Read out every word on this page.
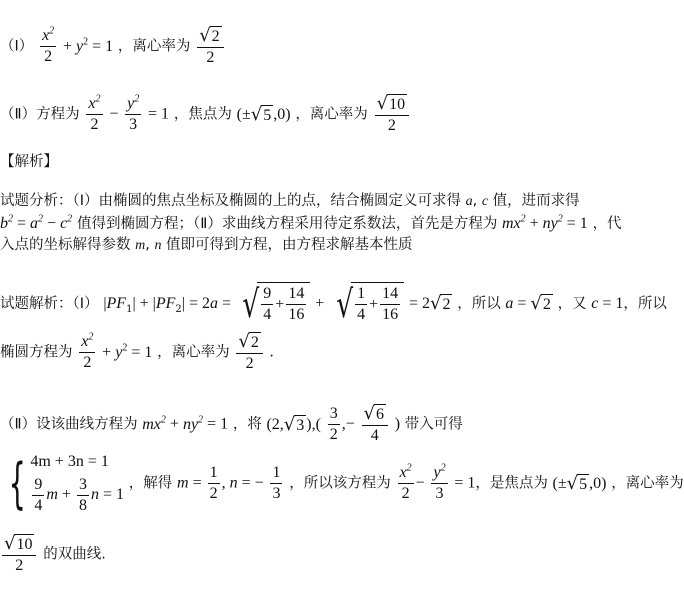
（Ⅰ） $\frac{x^2}{2} + y^2 = 1$ ，离心率为 $\frac{√ 2}{2}$
（Ⅱ）方程为 $\frac{x^2}{2} - \frac{y^2}{3} = 1$ ，焦点为 (± √ 5 ,0) ，离心率为 $\frac{√ 10}{2}$
【解析】
试题分析：（Ⅰ）由椭圆的焦点坐标及椭圆的上的点，结合椭圆定义可求得 a, c 值，进而求得
$b^2 = a^2 - c^2$ 值得到椭圆方程；（Ⅱ）求曲线方程采用待定系数法，首先是方程为 $mx^2 + ny^2 = 1$ ，代
入点的坐标解得参数 m, n 值即可得到方程，由方程求解基本性质
试题解析：（Ⅰ） $|PF_1| + |PF_2| = 2a$ = √ $\frac{9}{4} + \frac{14}{16}$ + √ $\frac{1}{4} + \frac{14}{16} = 2$ √ 2 ，所以 a = √ 2 ，又 c = 1，所以
椭圆方程为 $\frac{x^2}{2} + y^2 = 1$ ，离心率为 $\frac{√ 2}{2}$ .
（Ⅱ）设该曲线方程为 $mx^2 + ny^2 = 1$ ，将 (2, √ 3 ),( $\frac{3}{2}$ ,− $\frac{√ 6}{4}$ ) 带入可得
{ 4m + 3n = 1
$\frac{9}{4}$ $m + \frac{3}{8}$ n = 1
，解得 $m = \frac{1}{2}$ , n = − $\frac{1}{3}$ ，所以该方程为 $\frac{x^2}{2} - \frac{y^2}{3} = 1$，是焦点为 (± √ 5 ,0) ，离心率为
$\frac{√ 10}{2}$ 的双曲线.
